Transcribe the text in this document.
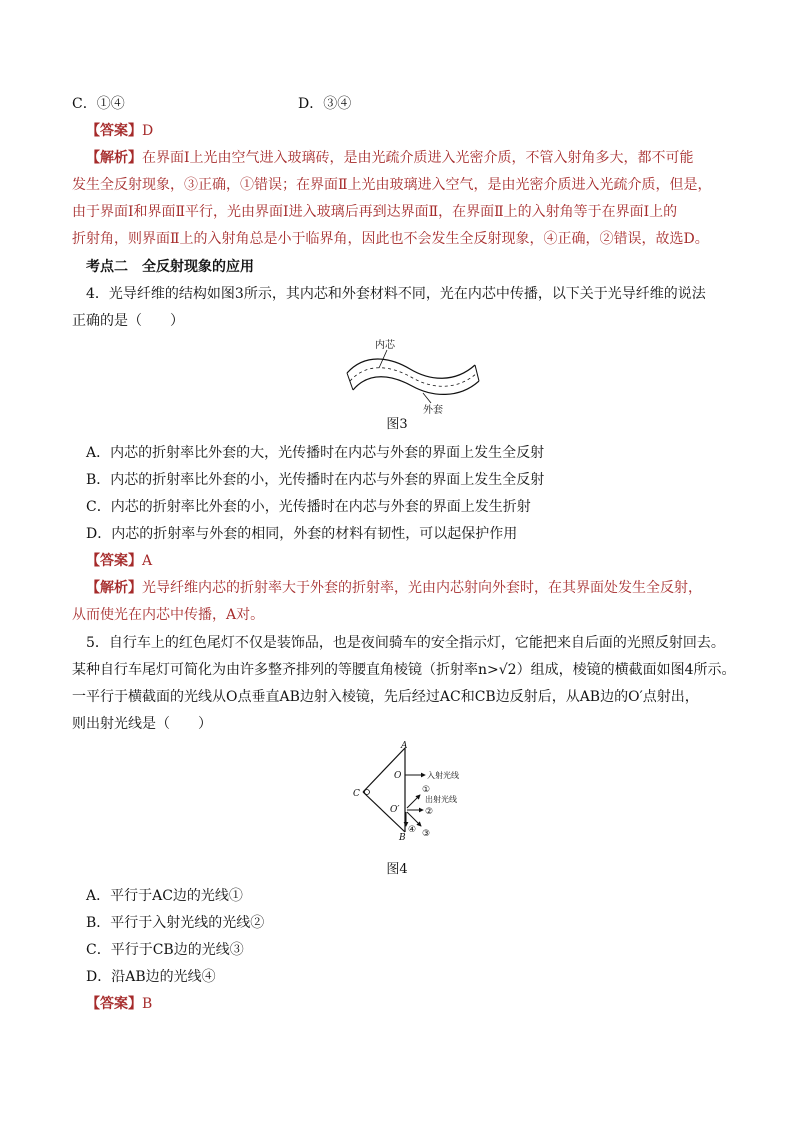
C．①④	D．③④
【答案】D
【解析】在界面Ⅰ上光由空气进入玻璃砖，是由光疏介质进入光密介质，不管入射角多大，都不可能
发生全反射现象，③正确，①错误；在界面Ⅱ上光由玻璃进入空气，是由光密介质进入光疏介质，但是，
由于界面Ⅰ和界面Ⅱ平行，光由界面Ⅰ进入玻璃后再到达界面Ⅱ，在界面Ⅱ上的入射角等于在界面Ⅰ上的
折射角，则界面Ⅱ上的入射角总是小于临界角，因此也不会发生全反射现象，④正确，②错误，故选D。
考点二　全反射现象的应用
4．光导纤维的结构如图3所示，其内芯和外套材料不同，光在内芯中传播，以下关于光导纤维的说法
正确的是（　　）
内芯
外套
图3
A．内芯的折射率比外套的大，光传播时在内芯与外套的界面上发生全反射
B．内芯的折射率比外套的小，光传播时在内芯与外套的界面上发生全反射
C．内芯的折射率比外套的小，光传播时在内芯与外套的界面上发生折射
D．内芯的折射率与外套的相同，外套的材料有韧性，可以起保护作用
【答案】A
【解析】光导纤维内芯的折射率大于外套的折射率，光由内芯射向外套时，在其界面处发生全反射，
从而使光在内芯中传播，A对。
5．自行车上的红色尾灯不仅是装饰品，也是夜间骑车的安全指示灯，它能把来自后面的光照反射回去。
某种自行车尾灯可简化为由许多整齐排列的等腰直角棱镜（折射率n>√2）组成，棱镜的横截面如图4所示。
一平行于横截面的光线从O点垂直AB边射入棱镜，先后经过AC和CB边反射后，从AB边的O′点射出，
则出射光线是（　　）
A
B
C
O
O′
入射光线
出射光线
①
②
③
④
图4
A．平行于AC边的光线①
B．平行于入射光线的光线②
C．平行于CB边的光线③
D．沿AB边的光线④
【答案】B
